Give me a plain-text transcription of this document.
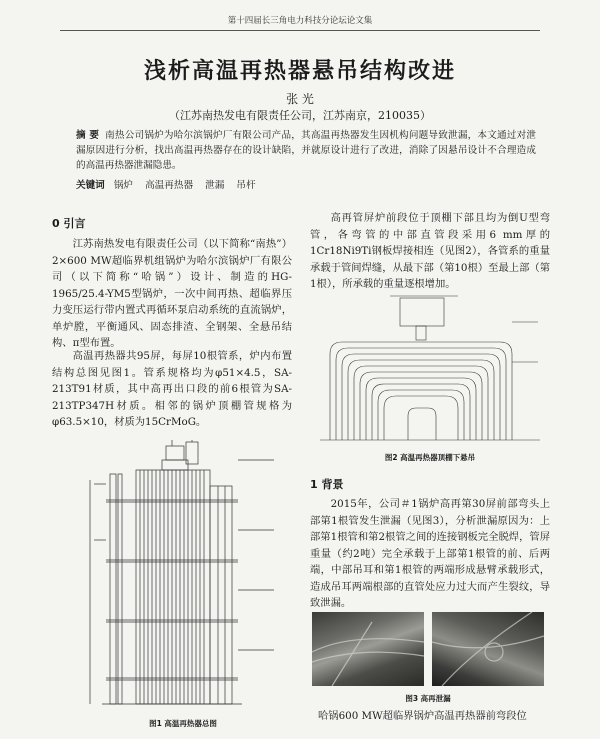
第十四届长三角电力科技分论坛论文集
浅析高温再热器悬吊结构改进
张 光
（江苏南热发电有限责任公司，江苏南京，210035）
摘 要 南热公司锅炉为哈尔滨锅炉厂有限公司产品，其高温再热器发生因机构问题导致泄漏，本文通过对泄漏原因进行分析，找出高温再热器存在的设计缺陷，并就原设计进行了改进，消除了因悬吊设计不合理造成的高温再热器泄漏隐患。
关键词 锅炉 高温再热器 泄漏 吊杆
0 引言
江苏南热发电有限责任公司（以下简称“南热”）2×600 MW超临界机组锅炉为哈尔滨锅炉厂有限公司（以下简称“哈锅”）设计、制造的HG-1965/25.4-YM5型锅炉，一次中间再热、超临界压力变压运行带内置式再循环泵启动系统的直流锅炉，单炉膛，平衡通风、固态排渣、全钢架、全悬吊结构、π型布置。
高温再热器共95屏，每屏10根管系，炉内布置结构总图见图1。管系规格均为φ51×4.5，SA-213T91材质，其中高再出口段的前6根管为SA-213TP347H材质。相邻的锅炉顶棚管规格为φ63.5×10，材质为15CrMoG。
图1 高温再热器总图
高再管屏炉前段位于顶棚下部且均为倒U型弯管，各弯管的中部直管段采用6 mm厚的1Cr18Ni9Ti钢板焊接相连（见图2），各管系的重量承载于管间焊缝，从最下部（第10根）至最上部（第1根），所承载的重量逐根增加。
图2 高温再热器顶棚下悬吊
1 背景
2015年，公司＃1锅炉高再第30屏前部弯头上部第1根管发生泄漏（见图3），分析泄漏原因为：上部第1根管和第2根管之间的连接钢板完全脱焊，管屏重量（约2吨）完全承载于上部第1根管的前、后两端，中部吊耳和第1根管的两端形成悬臂承载形式，造成吊耳两端根部的直管处应力过大而产生裂纹，导致泄漏。
图3 高再泄漏
哈锅600 MW超临界锅炉高温再热器前弯段位
